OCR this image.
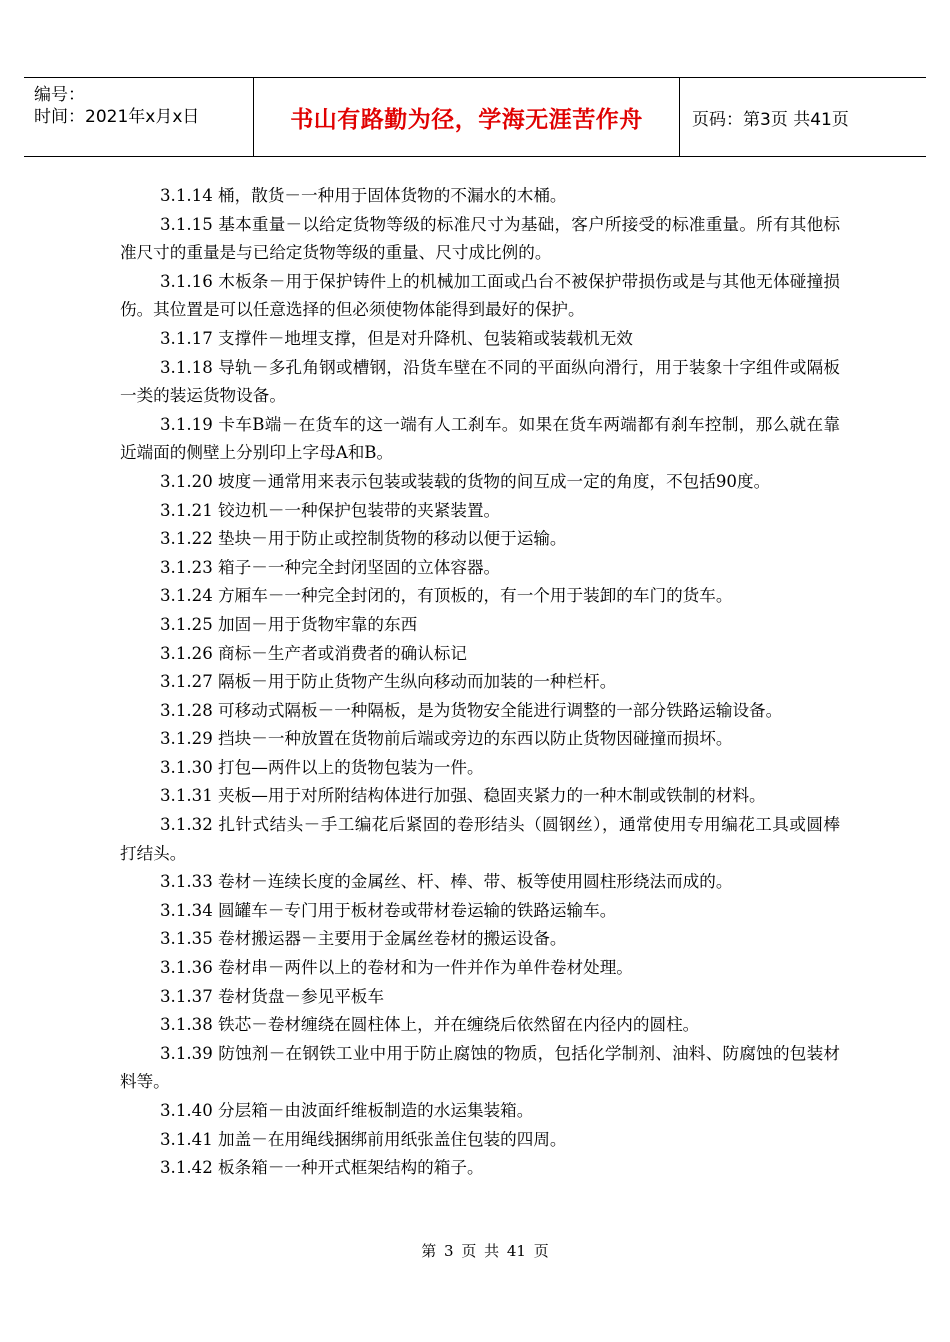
编号：
时间：2021年x月x日	书山有路勤为径，学海无涯苦作舟	页码：第3页 共41页

3.1.14 桶，散货－一种用于固体货物的不漏水的木桶。

3.1.15 基本重量－以给定货物等级的标准尺寸为基础，客户所接受的标准重量。所有其他标准尺寸的重量是与已给定货物等级的重量、尺寸成比例的。

3.1.16 木板条－用于保护铸件上的机械加工面或凸台不被保护带损伤或是与其他无体碰撞损伤。其位置是可以任意选择的但必须使物体能得到最好的保护。

3.1.17 支撑件－地埋支撑，但是对升降机、包装箱或装载机无效

3.1.18 导轨－多孔角钢或槽钢，沿货车壁在不同的平面纵向滑行，用于装象十字组件或隔板一类的装运货物设备。

3.1.19 卡车B端－在货车的这一端有人工刹车。如果在货车两端都有刹车控制，那么就在靠近端面的侧壁上分别印上字母A和B。

3.1.20 坡度－通常用来表示包装或装载的货物的间互成一定的角度，不包括90度。

3.1.21 铰边机－一种保护包装带的夹紧装置。

3.1.22 垫块－用于防止或控制货物的移动以便于运输。

3.1.23 箱子－一种完全封闭坚固的立体容器。

3.1.24 方厢车－一种完全封闭的，有顶板的，有一个用于装卸的车门的货车。

3.1.25 加固－用于货物牢靠的东西

3.1.26 商标－生产者或消费者的确认标记

3.1.27 隔板－用于防止货物产生纵向移动而加装的一种栏杆。

3.1.28 可移动式隔板－一种隔板，是为货物安全能进行调整的一部分铁路运输设备。

3.1.29 挡块－一种放置在货物前后端或旁边的东西以防止货物因碰撞而损坏。

3.1.30 打包—两件以上的货物包装为一件。

3.1.31 夹板—用于对所附结构体进行加强、稳固夹紧力的一种木制或铁制的材料。

3.1.32 扎针式结头－手工编花后紧固的卷形结头（圆钢丝），通常使用专用编花工具或圆棒打结头。

3.1.33 卷材－连续长度的金属丝、杆、棒、带、板等使用圆柱形绕法而成的。

3.1.34 圆罐车－专门用于板材卷或带材卷运输的铁路运输车。

3.1.35 卷材搬运器－主要用于金属丝卷材的搬运设备。

3.1.36 卷材串－两件以上的卷材和为一件并作为单件卷材处理。

3.1.37 卷材货盘－参见平板车

3.1.38 铁芯－卷材缠绕在圆柱体上，并在缠绕后依然留在内径内的圆柱。

3.1.39 防蚀剂－在钢铁工业中用于防止腐蚀的物质，包括化学制剂、油料、防腐蚀的包装材料等。

3.1.40 分层箱－由波面纤维板制造的水运集装箱。

3.1.41 加盖－在用绳线捆绑前用纸张盖住包装的四周。

3.1.42 板条箱－一种开式框架结构的箱子。

第 3 页 共 41 页
